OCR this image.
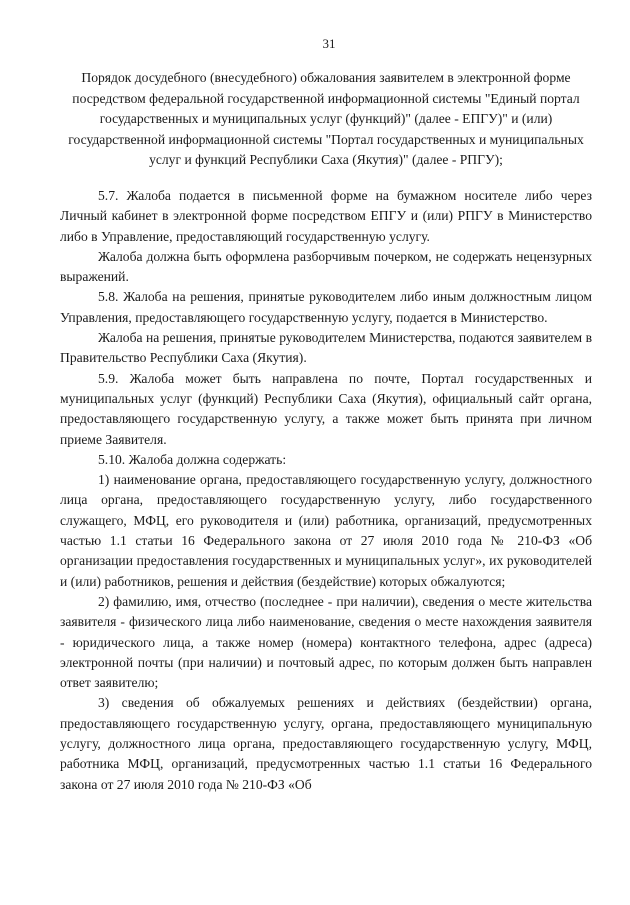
31
Порядок досудебного (внесудебного) обжалования заявителем в электронной форме посредством федеральной государственной информационной системы "Единый портал государственных и муниципальных услуг (функций)" (далее - ЕПГУ)" и (или) государственной информационной системы "Портал государственных и муниципальных услуг и функций Республики Саха (Якутия)" (далее - РПГУ);

5.7. Жалоба подается в письменной форме на бумажном носителе либо через Личный кабинет в электронной форме посредством ЕПГУ и (или) РПГУ в Министерство либо в Управление, предоставляющий государственную услугу.

Жалоба должна быть оформлена разборчивым почерком, не содержать нецензурных выражений.

5.8. Жалоба на решения, принятые руководителем либо иным должностным лицом Управления, предоставляющего государственную услугу, подается в Министерство.

Жалоба на решения, принятые руководителем Министерства, подаются заявителем в Правительство Республики Саха (Якутия).

5.9. Жалоба может быть направлена по почте, Портал государственных и муниципальных услуг (функций) Республики Саха (Якутия), официальный сайт органа, предоставляющего государственную услугу, а также может быть принята при личном приеме Заявителя.

5.10. Жалоба должна содержать:

1) наименование органа, предоставляющего государственную услугу, должностного лица органа, предоставляющего государственную услугу, либо государственного служащего, МФЦ, его руководителя и (или) работника, организаций, предусмотренных частью 1.1 статьи 16 Федерального закона от 27 июля 2010 года № 210-ФЗ «Об организации предоставления государственных и муниципальных услуг», их руководителей и (или) работников, решения и действия (бездействие) которых обжалуются;

2) фамилию, имя, отчество (последнее - при наличии), сведения о месте жительства заявителя - физического лица либо наименование, сведения о месте нахождения заявителя - юридического лица, а также номер (номера) контактного телефона, адрес (адреса) электронной почты (при наличии) и почтовый адрес, по которым должен быть направлен ответ заявителю;

3) сведения об обжалуемых решениях и действиях (бездействии) органа, предоставляющего государственную услугу, органа, предоставляющего муниципальную услугу, должностного лица органа, предоставляющего государственную услугу, МФЦ, работника МФЦ, организаций, предусмотренных частью 1.1 статьи 16 Федерального закона от 27 июля 2010 года № 210-ФЗ «Об
